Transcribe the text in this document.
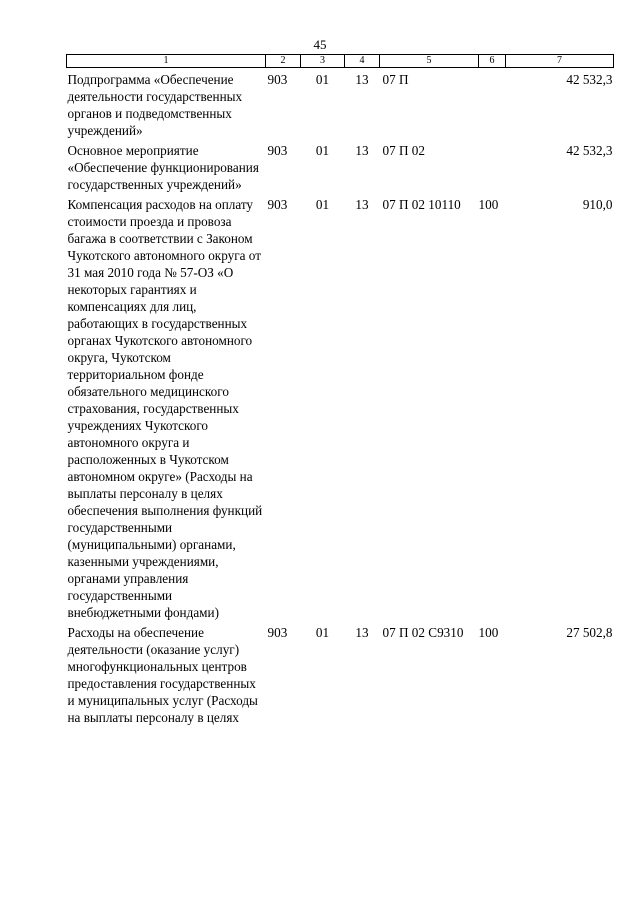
45
1	2	3	4	5	6	7
Подпрограмма «Обеспечение деятельности государственных органов и подведомственных учреждений»	903	01	13	07 П		42 532,3
Основное мероприятие «Обеспечение функционирования государственных учреждений»	903	01	13	07 П 02		42 532,3
Компенсация расходов на оплату стоимости проезда и провоза багажа в соответствии с Законом Чукотского автономного округа от 31 мая 2010 года № 57-ОЗ «О некоторых гарантиях и компенсациях для лиц, работающих в государственных органах Чукотского автономного округа, Чукотском территориальном фонде обязательного медицинского страхования, государственных учреждениях Чукотского автономного округа и расположенных в Чукотском автономном округе» (Расходы на выплаты персоналу в целях обеспечения выполнения функций государственными (муниципальными) органами, казенными учреждениями, органами управления государственными внебюджетными фондами)	903	01	13	07 П 02 10110	100	910,0
Расходы на обеспечение деятельности (оказание услуг) многофункциональных центров предоставления государственных и муниципальных услуг (Расходы на выплаты персоналу в целях	903	01	13	07 П 02 С9310	100	27 502,8
